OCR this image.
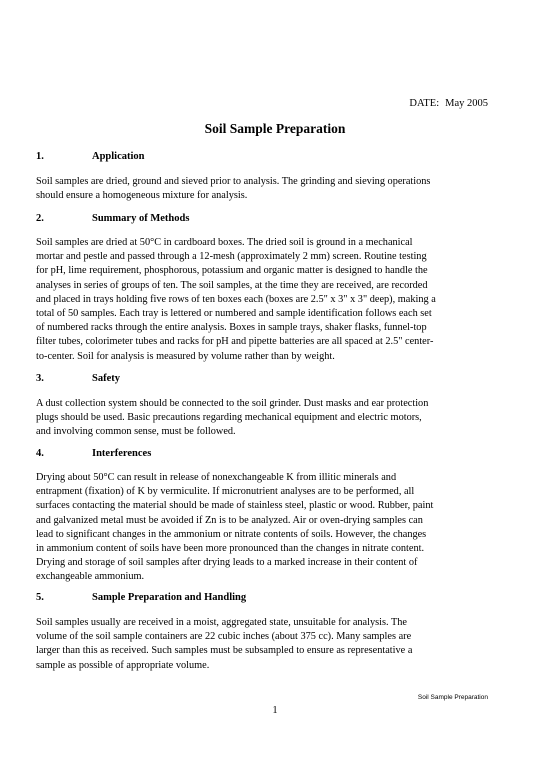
DATE: May 2005
Soil Sample Preparation
1.	Application
Soil samples are dried, ground and sieved prior to analysis. The grinding and sieving operations
should ensure a homogeneous mixture for analysis.
2.	Summary of Methods
Soil samples are dried at 50°C in cardboard boxes. The dried soil is ground in a mechanical
mortar and pestle and passed through a 12-mesh (approximately 2 mm) screen. Routine testing
for pH, lime requirement, phosphorous, potassium and organic matter is designed to handle the
analyses in series of groups of ten. The soil samples, at the time they are received, are recorded
and placed in trays holding five rows of ten boxes each (boxes are 2.5" x 3" x 3" deep), making a
total of 50 samples. Each tray is lettered or numbered and sample identification follows each set
of numbered racks through the entire analysis. Boxes in sample trays, shaker flasks, funnel-top
filter tubes, colorimeter tubes and racks for pH and pipette batteries are all spaced at 2.5" center-
to-center. Soil for analysis is measured by volume rather than by weight.
3.	Safety
A dust collection system should be connected to the soil grinder. Dust masks and ear protection
plugs should be used. Basic precautions regarding mechanical equipment and electric motors,
and involving common sense, must be followed.
4.	Interferences
Drying about 50°C can result in release of nonexchangeable K from illitic minerals and
entrapment (fixation) of K by vermiculite. If micronutrient analyses are to be performed, all
surfaces contacting the material should be made of stainless steel, plastic or wood. Rubber, paint
and galvanized metal must be avoided if Zn is to be analyzed. Air or oven-drying samples can
lead to significant changes in the ammonium or nitrate contents of soils. However, the changes
in ammonium content of soils have been more pronounced than the changes in nitrate content.
Drying and storage of soil samples after drying leads to a marked increase in their content of
exchangeable ammonium.
5.	Sample Preparation and Handling
Soil samples usually are received in a moist, aggregated state, unsuitable for analysis. The
volume of the soil sample containers are 22 cubic inches (about 375 cc). Many samples are
larger than this as received. Such samples must be subsampled to ensure as representative a
sample as possible of appropriate volume.
Soil Sample Preparation
1
